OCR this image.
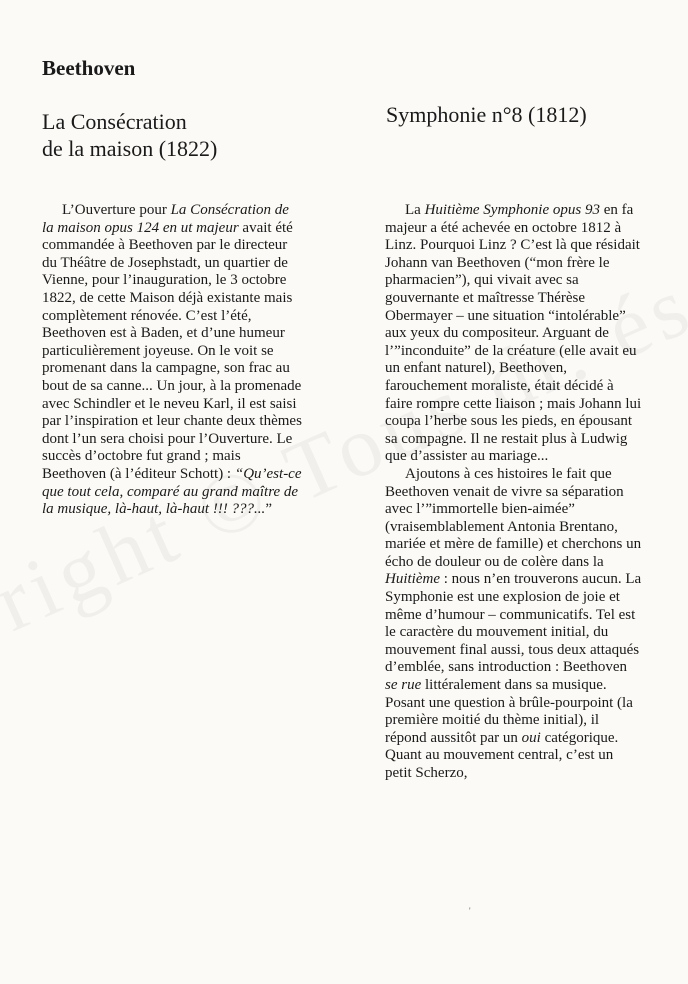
Beethoven
La Consécration
de la maison (1822)
Symphonie n°8 (1812)

L’Ouverture pour La Consécration de la maison opus 124 en ut majeur avait été commandée à Beethoven par le directeur du Théâtre de Josephstadt, un quartier de Vienne, pour l’inauguration, le 3 octobre 1822, de cette Maison déjà existante mais complètement rénovée. C’est l’été, Beethoven est à Baden, et d’une humeur particulièrement joyeuse. On le voit se promenant dans la campagne, son frac au bout de sa canne... Un jour, à la promenade avec Schindler et le neveu Karl, il est saisi par l’inspiration et leur chante deux thèmes dont l’un sera choisi pour l’Ouverture. Le succès d’octobre fut grand ; mais Beethoven (à l’éditeur Schott) : “Qu’est-ce que tout cela, comparé au grand maître de la musique, là-haut, là-haut !!! ???...”

La Huitième Symphonie opus 93 en fa majeur a été achevée en octobre 1812 à Linz. Pourquoi Linz ? C’est là que résidait Johann van Beethoven (“mon frère le pharmacien”), qui vivait avec sa gouvernante et maîtresse Thérèse Obermayer – une situation “intolérable” aux yeux du compositeur. Arguant de l’”inconduite” de la créature (elle avait eu un enfant naturel), Beethoven, farouchement moraliste, était décidé à faire rompre cette liaison ; mais Johann lui coupa l’herbe sous les pieds, en épousant sa compagne. Il ne restait plus à Ludwig que d’assister au mariage...

Ajoutons à ces histoires le fait que Beethoven venait de vivre sa séparation avec l’”immortelle bien-aimée” (vraisemblablement Antonia Brentano, mariée et mère de famille) et cherchons un écho de douleur ou de colère dans la Huitième : nous n’en trouverons aucun. La Symphonie est une explosion de joie et même d’humour – communicatifs. Tel est le caractère du mouvement initial, du mouvement final aussi, tous deux attaqués d’emblée, sans introduction : Beethoven se rue littéralement dans sa musique. Posant une question à brûle-pourpoint (la première moitié du thème initial), il répond aussitôt par un oui catégorique. Quant au mouvement central, c’est un petit Scherzo,

'
